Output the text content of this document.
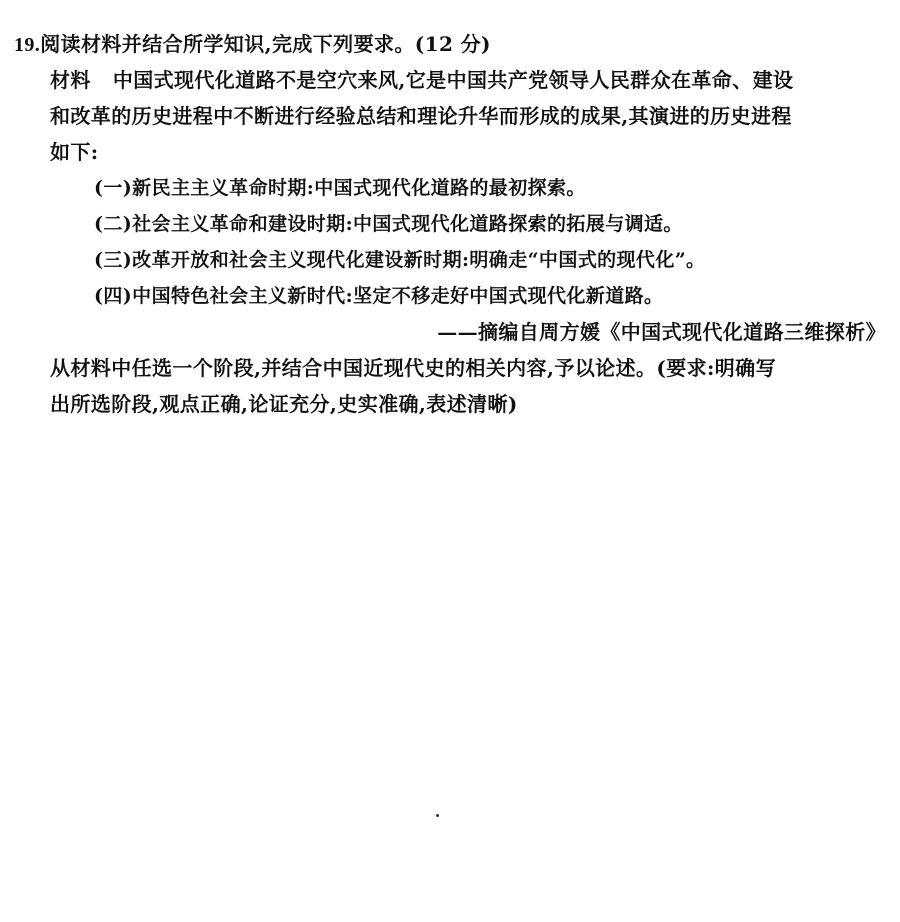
19.阅读材料并结合所学知识,完成下列要求。(12 分)
材料 中国式现代化道路不是空穴来风,它是中国共产党领导人民群众在革命、建设
和改革的历史进程中不断进行经验总结和理论升华而形成的成果,其演进的历史进程
如下:
(一)新民主主义革命时期:中国式现代化道路的最初探索。
(二)社会主义革命和建设时期:中国式现代化道路探索的拓展与调适。
(三)改革开放和社会主义现代化建设新时期:明确走“中国式的现代化”。
(四)中国特色社会主义新时代:坚定不移走好中国式现代化新道路。
——摘编自周方媛《中国式现代化道路三维探析》
从材料中任选一个阶段,并结合中国近现代史的相关内容,予以论述。(要求:明确写
出所选阶段,观点正确,论证充分,史实准确,表述清晰)
